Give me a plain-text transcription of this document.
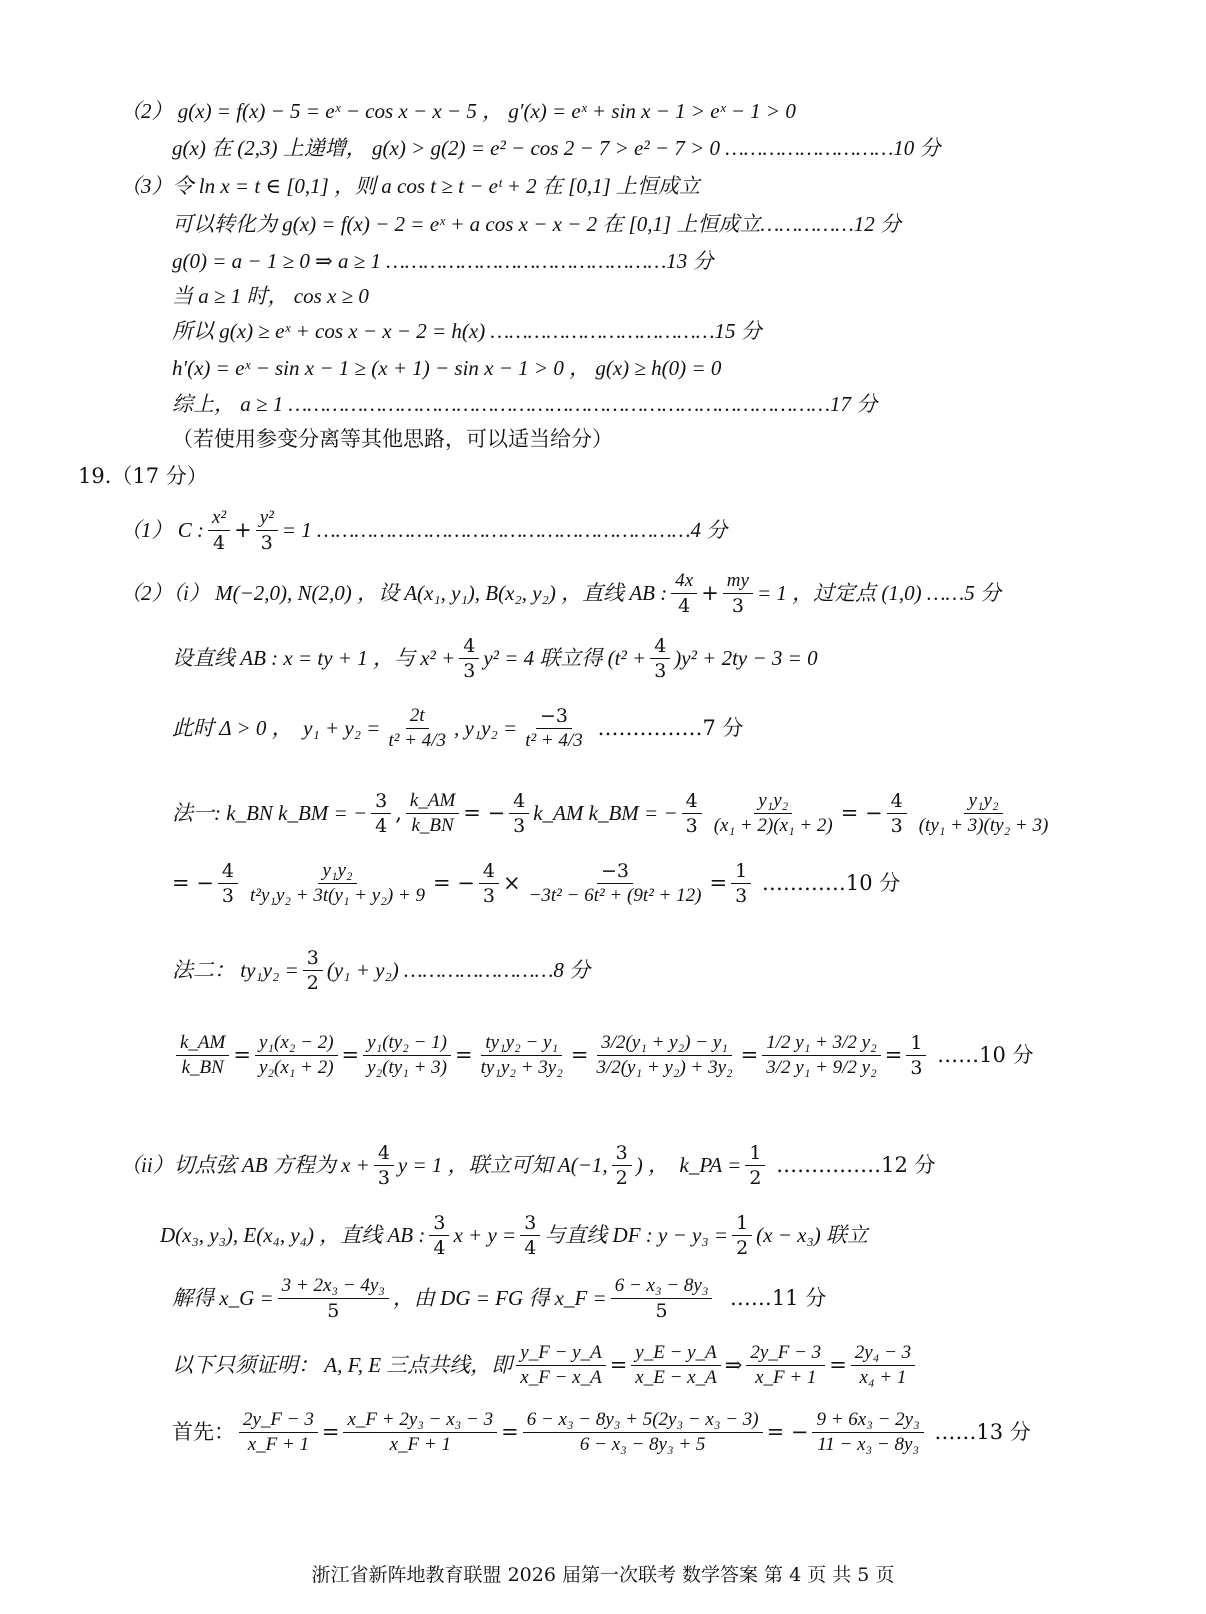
（2） g(x) = f(x) − 5 = eˣ − cos x − x − 5 ， g′(x) = eˣ + sin x − 1 > eˣ − 1 > 0
g(x) 在 (2,3) 上递增， g(x) > g(2) = e² − cos 2 − 7 > e² − 7 > 0 ………………………10 分
（3）令 ln x = t ∈ [0,1] ，则 a cos t ≥ t − eᵗ + 2 在 [0,1] 上恒成立
可以转化为 g(x) = f(x) − 2 = eˣ + a cos x − x − 2 在 [0,1] 上恒成立……………12 分
g(0) = a − 1 ≥ 0 ⇒ a ≥ 1 ………………………………………13 分
当 a ≥ 1 时， cos x ≥ 0
所以 g(x) ≥ eˣ + cos x − x − 2 = h(x) ………………………………15 分
h′(x) = eˣ − sin x − 1 ≥ (x + 1) − sin x − 1 > 0 ， g(x) ≥ h(0) = 0
综上， a ≥ 1 ……………………………………………………………………………17 分
（若使用参变分离等其他思路，可以适当给分）
19.（17 分）
（1） C : $\frac{\text{x²}}{4} + \frac{\text{y²}}{3} = 1$ ……………………………………………………4 分
（2）（i） M(−2,0), N(2,0) ，设 A(x₁, y₁), B(x₂, y₂) ，直线 AB : $\frac{4x}{4} + \frac{my}{3} = 1$ ，过定点 (1,0) ……5 分
设直线 AB : x = ty + 1 ，与 $x^2 + \frac{4}{3} y^2 = 4$ 联立得 $(t^2 + \frac{4}{3} )y^2 + 2ty - 3 = 0$
此时 Δ > 0 ，  $y_1 + y_2 = \frac{2t}{\text{t² + 4/3}}$ , $y_1y_2 = \frac{-3}{\text{t² + 4/3}}$ ……………7 分
法一: k_BN k_BM = − $\frac{3}{4}$ , $\frac{k\_AM}{k\_BN}$ = − $\frac{4}{3}$ k_AM k_BM = − $\frac{4}{3} \frac{\text{y₁y₂}}{\text{(x₁ + 2)(x₁ + 2)}}$ = − $\frac{4}{3} \frac{\text{y₁y₂}}{\text{(ty₁ + 3)(ty₂ + 3)}}$
= − $\frac{4}{3} \frac{\text{y₁y₂}}{\text{t²y₁y₂ + 3t(y₁ + y₂) + 9}}$ = − $\frac{4}{3} \times \frac{-3}{\text{−3t² − 6t² + (9t² + 12)}} = \frac{1}{3}$ …………10 分
法二： $ty_1y_2 = \frac{3}{2} (y_1 + y_2)$ ……………………8 分
$\frac{k\_AM}{k\_BN} = \frac{\text{y₁(x₂ − 2)}}{\text{y₂(x₁ + 2)}} = \frac{\text{y₁(ty₂ − 1)}}{\text{y₂(ty₁ + 3)}} = \frac{\text{ty₁y₂ − y₁}}{\text{ty₁y₂ + 3y₂}} = \frac{\text{3/2(y₁ + y₂) − y₁}}{\text{3/2(y₁ + y₂) + 3y₂}} = \frac{\text{1/2 y₁ + 3/2 y₂}}{\text{3/2 y₁ + 9/2 y₂}} = \frac{1}{3}$ ……10 分
（ii）切点弦 AB 方程为 $x + \frac{4}{3}$ y = 1 ，联立可知 A(−1, $\frac{3}{2}$ ) ，  k_PA = $\frac{1}{2}$ ……………12 分
D(x₃, y₃), E(x₄, y₄) ，直线 AB : $\frac{3}{4}$ $x + y = \frac{3}{4}$ 与直线 DF : $y - y_3 = \frac{1}{2} (x - x_3)$ 联立
解得 x_G = $\frac{\text{3 + 2x₃ − 4y₃}}{5}$ ，由 DG = FG 得 x_F = $\frac{\text{6 − x₃ − 8y₃}}{5}$ ……11 分
以下只须证明： A, F, E 三点共线，即 $\frac{y\_F - y\_A}{x\_F - x\_A} = \frac{y\_E - y\_A}{x\_E - x\_A}$ ⇒ $\frac{2y\_F - 3}{x\_F + 1} = \frac{\text{2y₄ − 3}}{\text{x₄ + 1}}$
首先： $\frac{2y\_F - 3}{x\_F + 1} = \frac{\text{x\_F + 2y₃ − x₃ − 3}}{x\_F + 1} = \frac{\text{6 − x₃ − 8y₃ + 5(2y₃ − x₃ − 3)}}{\text{6 − x₃ − 8y₃ + 5}}$ = − $\frac{\text{9 + 6x₃ − 2y₃}}{\text{11 − x₃ − 8y₃}}$ ……13 分
浙江省新阵地教育联盟 2026 届第一次联考 数学答案 第 4 页 共 5 页
